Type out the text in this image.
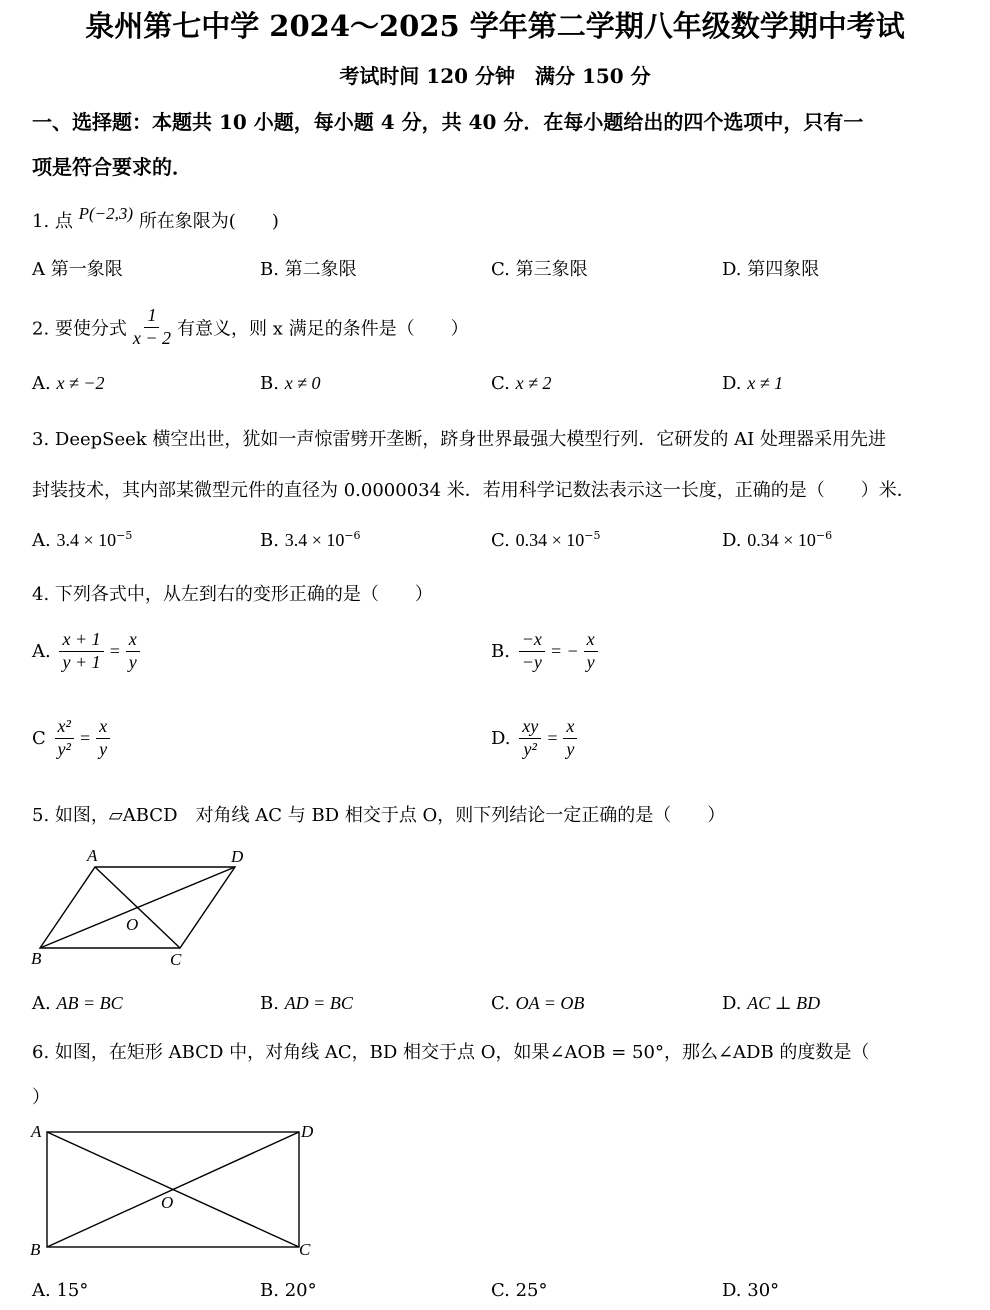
泉州第七中学 2024～2025 学年第二学期八年级数学期中考试
考试时间 120 分钟　满分 150 分
一、选择题：本题共 10 小题，每小题 4 分，共 40 分．在每小题给出的四个选项中，只有一
项是符合要求的．
1. 点 P(−2,3) 所在象限为(　　)
A 第一象限	B. 第二象限	C. 第三象限	D. 第四象限
2. 要使分式 $\frac{1}{x - 2}$ 有意义，则 x 满足的条件是（　　）
A. x ≠ −2	B. x ≠ 0	C. x ≠ 2	D. x ≠ 1
3. DeepSeek 横空出世，犹如一声惊雷劈开垄断，跻身世界最强大模型行列．它研发的 AI 处理器采用先进
封装技术，其内部某微型元件的直径为 0.0000034 米．若用科学记数法表示这一长度，正确的是（　　）米．
A. $3.4 \times 10^{-5}$	B. $3.4 \times 10^{-6}$	C. $0.34 \times 10^{-5}$	D. $0.34 \times 10^{-6}$
4. 下列各式中，从左到右的变形正确的是（　　）
A. $\frac{x + 1}{y + 1} = \frac{x}{y}$	B. $\frac{-x}{-y}$ = − $\frac{x}{y}$
C $\frac{\text{x²}}{\text{y²}} = \frac{x}{y}$	D. $\frac{xy}{\text{y²}} = \frac{x}{y}$
5. 如图，▱ABCD　对角线 AC 与 BD 相交于点 O，则下列结论一定正确的是（　　）
A	D
O
B	C
A. AB = BC	B. AD = BC	C. OA = OB	D. AC ⊥ BD
6. 如图，在矩形 ABCD 中，对角线 AC，BD 相交于点 O，如果∠AOB = 50°，那么∠ADB 的度数是（
）
A	D
O
B	C
A. 15°	B. 20°	C. 25°	D. 30°
